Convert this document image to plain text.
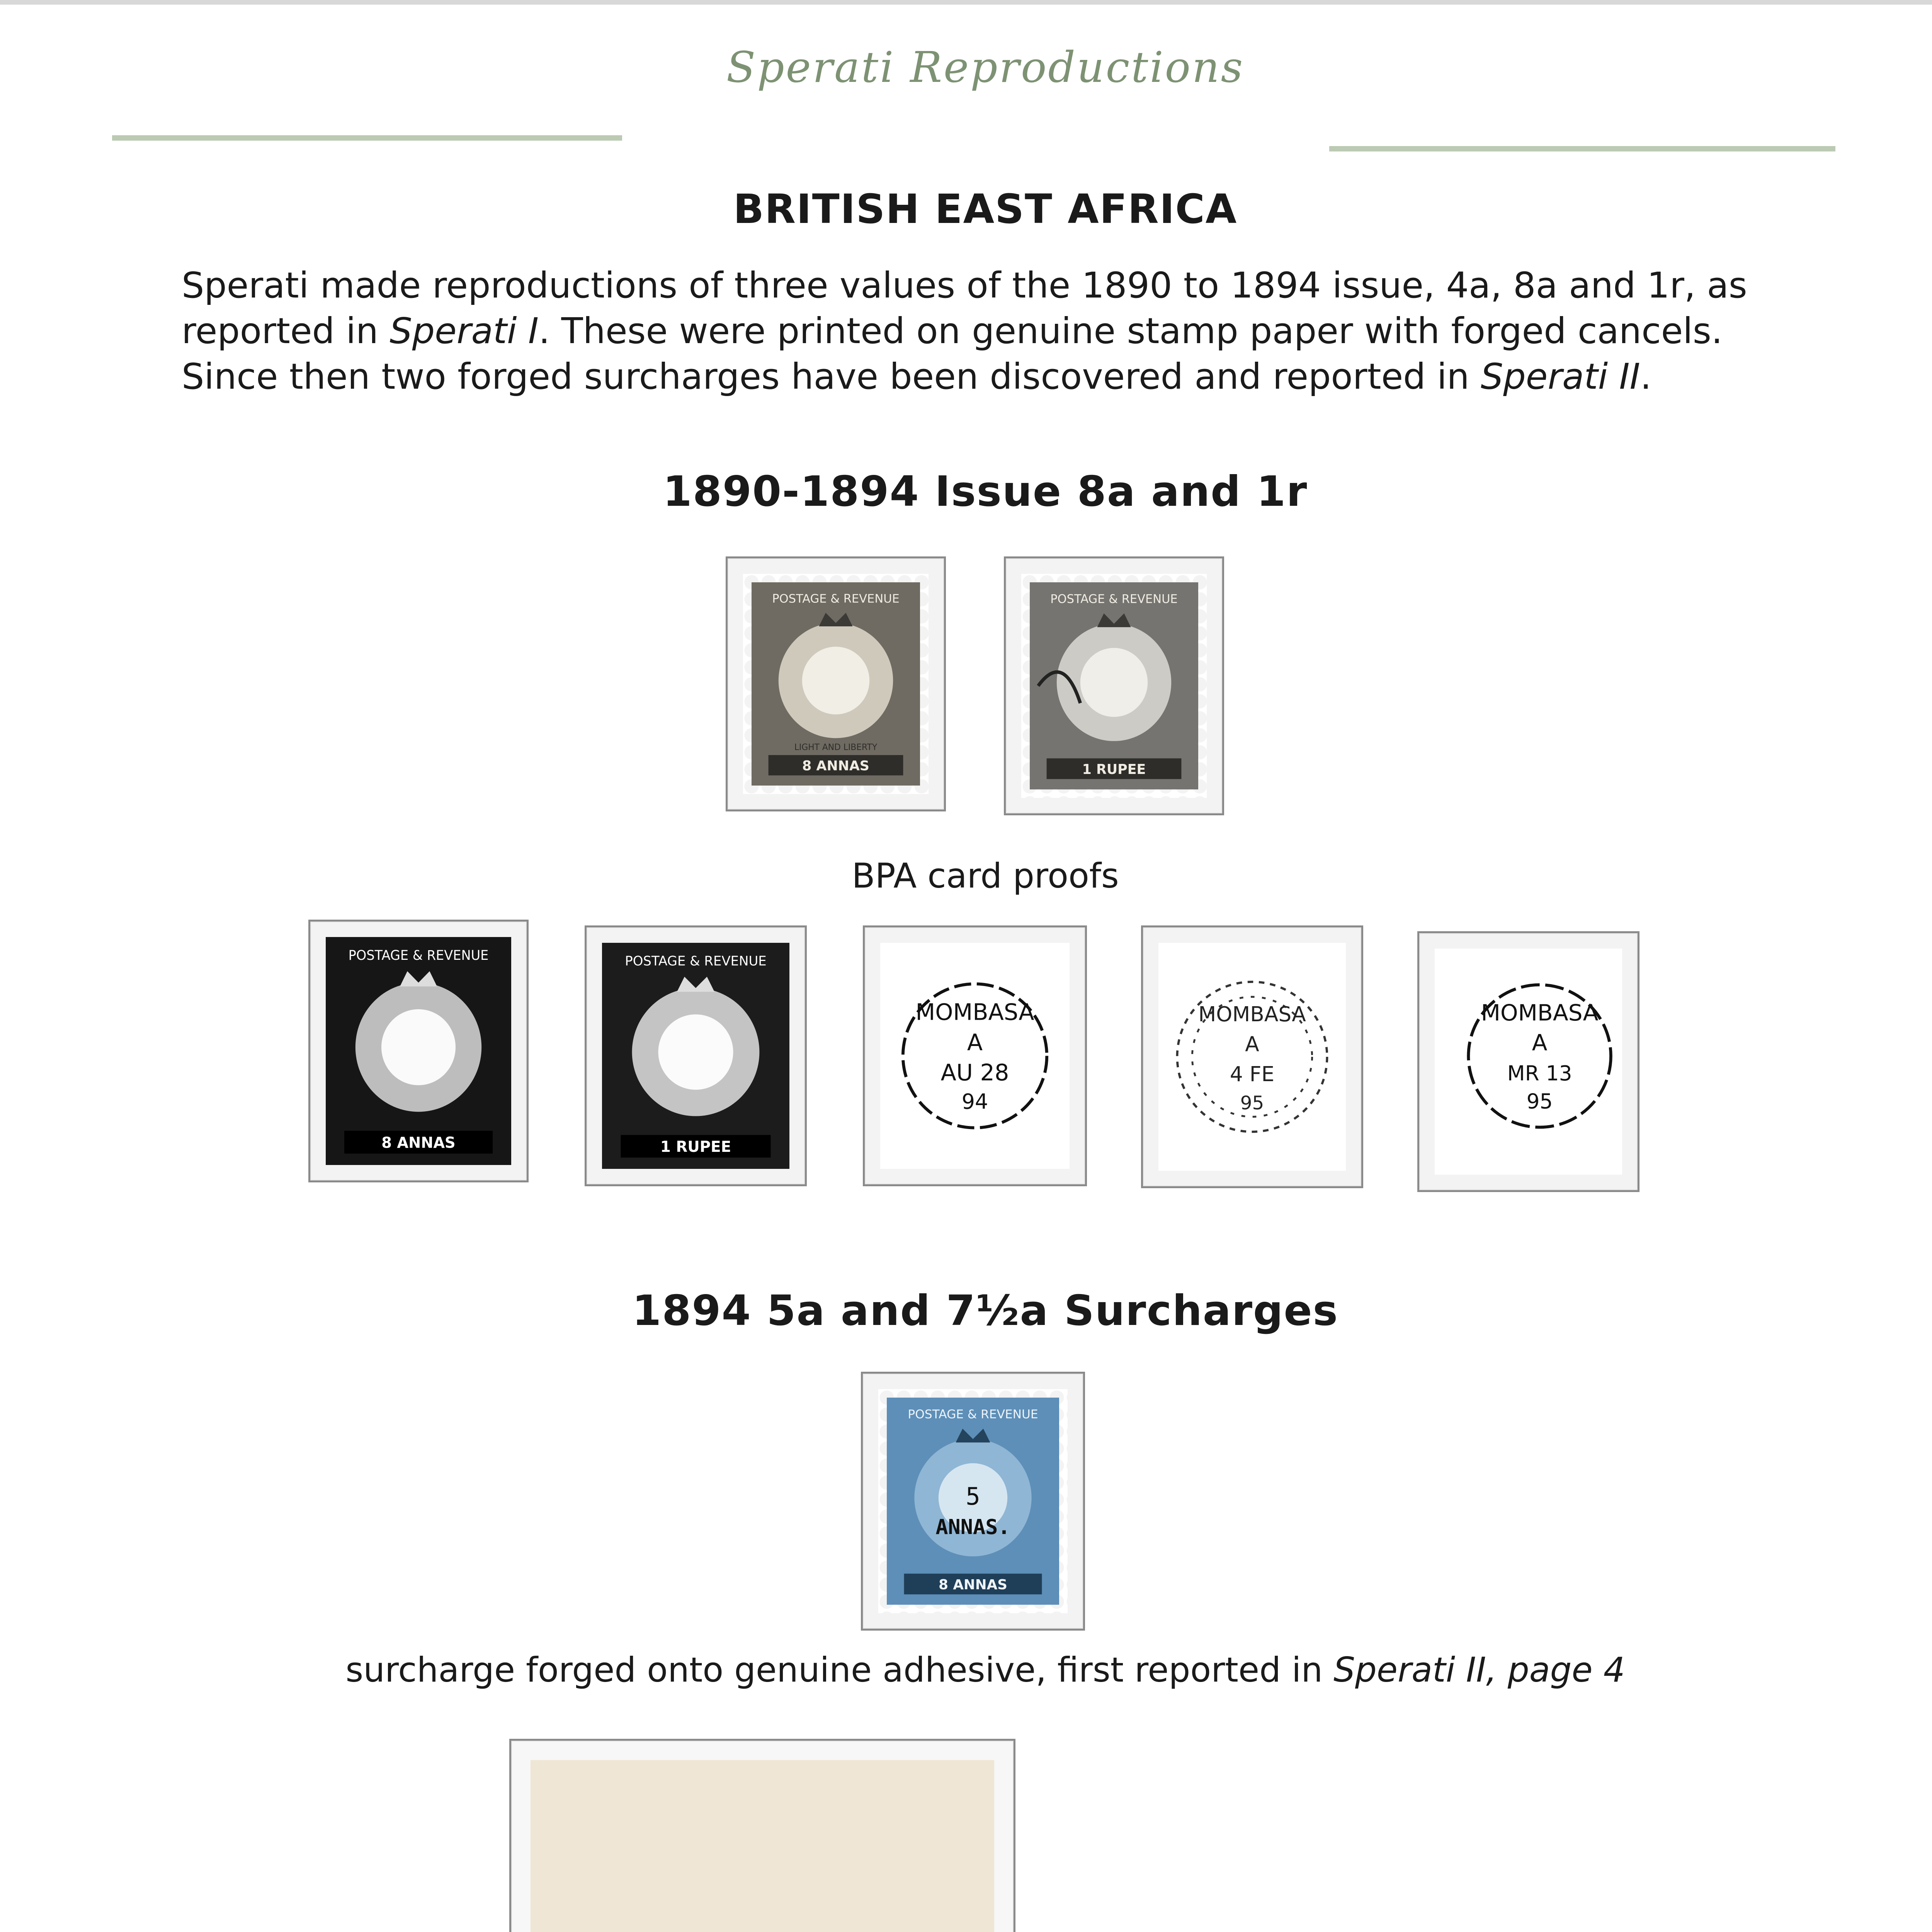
Sperati Reproductions
BRITISH EAST AFRICA
Sperati made reproductions of three values of the 1890 to 1894 issue, 4a, 8a and 1r, as reported in Sperati I. These were printed on genuine stamp paper with forged cancels. Since then two forged surcharges have been discovered and reported in Sperati II.
1890-1894 Issue 8a and 1r
POSTAGE & REVENUE
8 ANNAS
LIGHT AND LIBERTY
POSTAGE & REVENUE
1 RUPEE
BPA card proofs
POSTAGE & REVENUE
8 ANNAS
POSTAGE & REVENUE
1 RUPEE
MOMBASA
A
AU 28
94
MOMBASA
A
4 FE
95
MOMBASA
A
MR 13
95
1894 5a and 7½a Surcharges
POSTAGE & REVENUE
5
ANNAS.
8 ANNAS
surcharge forged onto genuine adhesive, first reported in Sperati II, page 4
